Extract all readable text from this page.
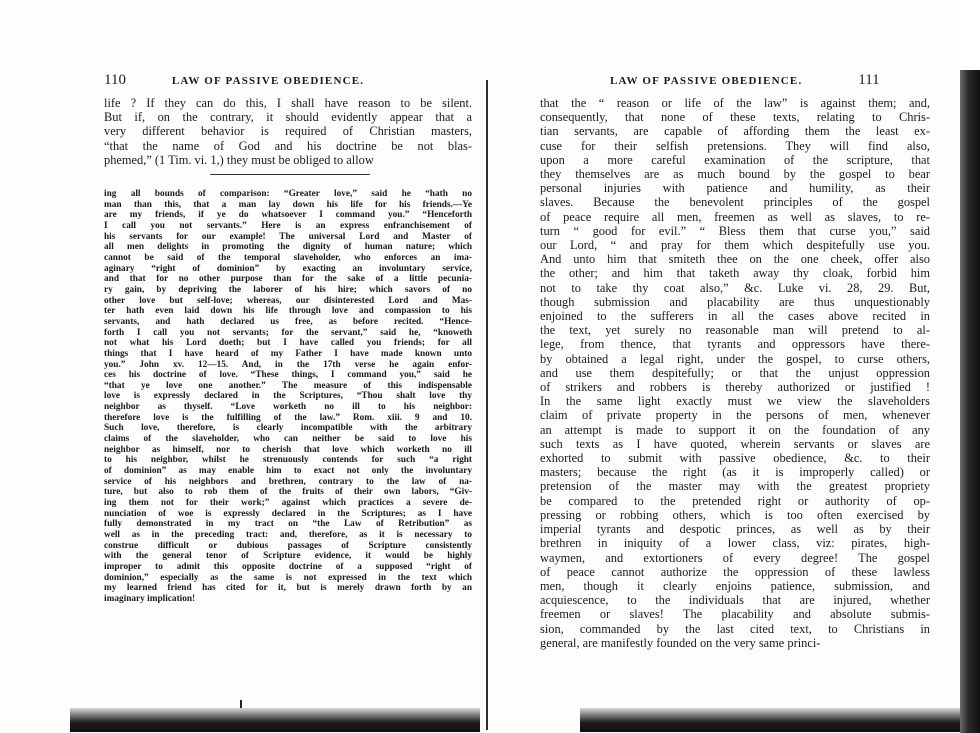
110	LAW OF PASSIVE OBEDIENCE.
life ? If they can do this, I shall have reason to be silent.
But if, on the contrary, it should evidently appear that a
very different behavior is required of Christian masters,
“that the name of God and his doctrine be not blas-
phemed,” (1 Tim. vi. 1,) they must be obliged to allow
ing all bounds of comparison: “Greater love,” said he “hath no
man than this, that a man lay down his life for his friends.—Ye
are my friends, if ye do whatsoever I command you.” “Henceforth
I call you not servants.” Here is an express enfranchisement of
his servants for our example! The universal Lord and Master of
all men delights in promoting the dignity of human nature; which
cannot be said of the temporal slaveholder, who enforces an ima-
aginary “right of dominion” by exacting an involuntary service,
and that for no other purpose than for the sake of a little pecunia-
ry gain, by depriving the laborer of his hire; which savors of no
other love but self-love; whereas, our disinterested Lord and Mas-
ter hath even laid down his life through love and compassion to his
servants, and hath declared us free, as before recited. “Hence-
forth I call you not servants; for the servant,” said he, “knoweth
not what his Lord doeth; but I have called you friends; for all
things that I have heard of my Father I have made known unto
you.” John xv. 12—15. And, in the 17th verse he again enfor-
ces his doctrine of love. “These things, I command you,” said he
“that ye love one another.” The measure of this indispensable
love is expressly declared in the Scriptures, “Thou shalt love thy
neighbor as thyself. “Love worketh no ill to his neighbor:
therefore love is the fulfilling of the law.” Rom. xiii. 9 and 10.
Such love, therefore, is clearly incompatible with the arbitrary
claims of the slaveholder, who can neither be said to love his
neighbor as himself, nor to cherish that love which worketh no ill
to his neighbor, whilst he strenuously contends for such “a right
of dominion” as may enable him to exact not only the involuntary
service of his neighbors and brethren, contrary to the law of na-
ture, but also to rob them of the fruits of their own labors, “Giv-
ing them not for their work;” against which practices a severe de-
nunciation of woe is expressly declared in the Scriptures; as I have
fully demonstrated in my tract on “the Law of Retribution” as
well as in the preceding tract: and, therefore, as it is necessary to
construe difficult or dubious passages of Scripture consistently
with the general tenor of Scripture evidence, it would be highly
improper to admit this opposite doctrine of a supposed “right of
dominion,” especially as the same is not expressed in the text which
my learned friend has cited for it, but is merely drawn forth by an
imaginary implication!
LAW OF PASSIVE OBEDIENCE.	111
that the “ reason or life of the law” is against them; and,
consequently, that none of these texts, relating to Chris-
tian servants, are capable of affording them the least ex-
cuse for their selfish pretensions. They will find also,
upon a more careful examination of the scripture, that
they themselves are as much bound by the gospel to bear
personal injuries with patience and humility, as their
slaves. Because the benevolent principles of the gospel
of peace require all men, freemen as well as slaves, to re-
turn “ good for evil.” “ Bless them that curse you,” said
our Lord, “ and pray for them which despitefully use you.
And unto him that smiteth thee on the one cheek, offer also
the other; and him that taketh away thy cloak, forbid him
not to take thy coat also,” &c. Luke vi. 28, 29. But,
though submission and placability are thus unquestionably
enjoined to the sufferers in all the cases above recited in
the text, yet surely no reasonable man will pretend to al-
lege, from thence, that tyrants and oppressors have there-
by obtained a legal right, under the gospel, to curse others,
and use them despitefully; or that the unjust oppression
of strikers and robbers is thereby authorized or justified !
In the same light exactly must we view the slaveholders
claim of private property in the persons of men, whenever
an attempt is made to support it on the foundation of any
such texts as I have quoted, wherein servants or slaves are
exhorted to submit with passive obedience, &c. to their
masters; because the right (as it is improperly called) or
pretension of the master may with the greatest propriety
be compared to the pretended right or authority of op-
pressing or robbing others, which is too often exercised by
imperial tyrants and despotic princes, as well as by their
brethren in iniquity of a lower class, viz: pirates, high-
waymen, and extortioners of every degree! The gospel
of peace cannot authorize the oppression of these lawless
men, though it clearly enjoins patience, submission, and
acquiescence, to the individuals that are injured, whether
freemen or slaves! The placability and absolute submis-
sion, commanded by the last cited text, to Christians in
general, are manifestly founded on the very same princi-
